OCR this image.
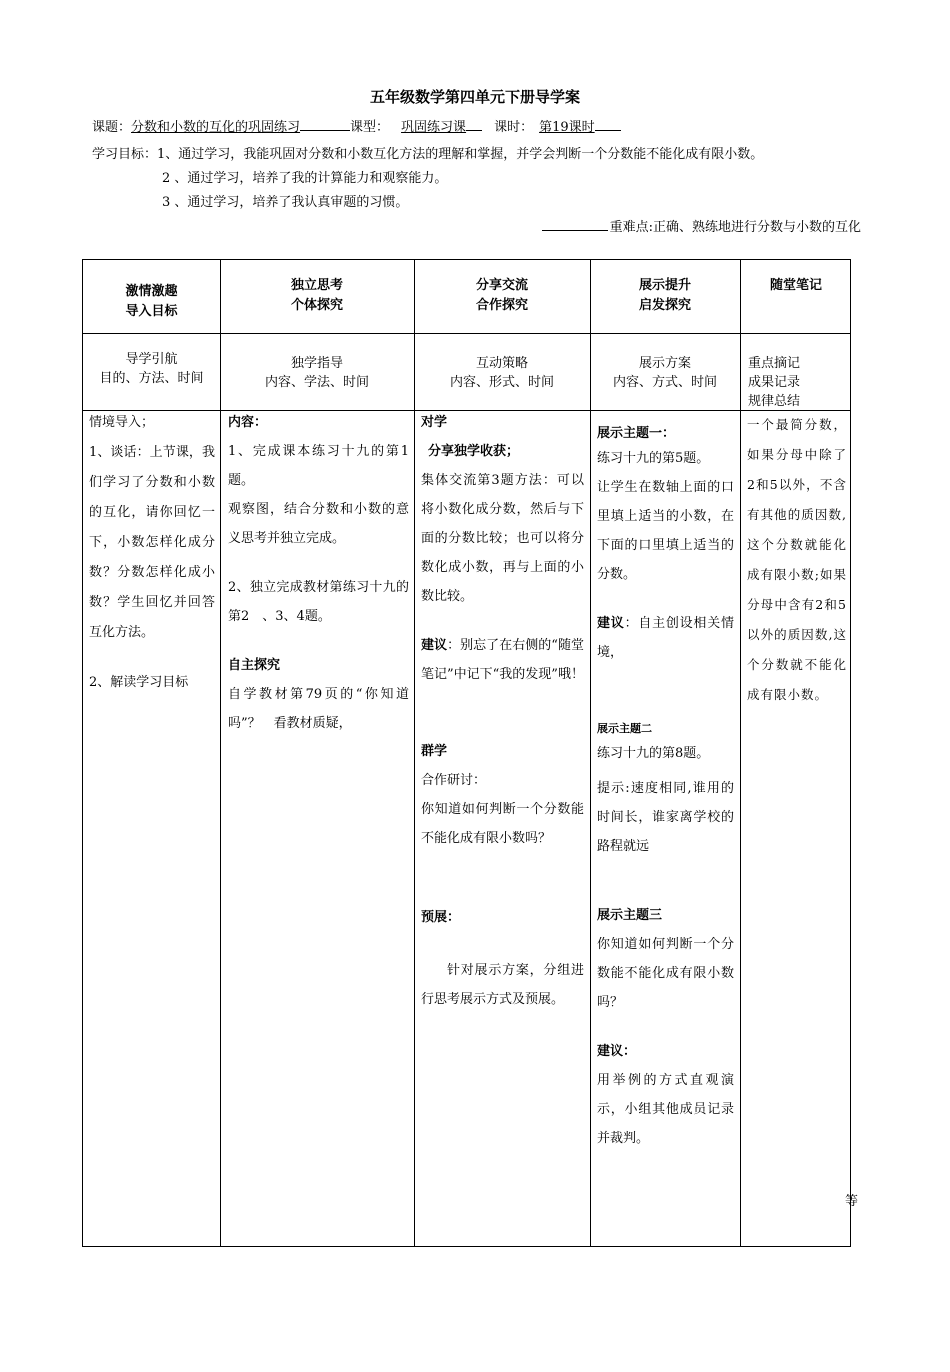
五年级数学第四单元下册导学案
课题：分数和小数的互化的巩固练习	课型： 巩固练习课 课时： 第19课时
学习目标：1、通过学习，我能巩固对分数和小数互化方法的理解和掌握，并学会判断一个分数能不能化成有限小数。
2 、通过学习，培养了我的计算能力和观察能力。
3 、通过学习，培养了我认真审题的习惯。
重难点:正确、熟练地进行分数与小数的互化
激情激趣
导入目标
独立思考
个体探究
分享交流
合作探究
展示提升
启发探究
随堂笔记
导学引航
目的、方法、时间
独学指导
内容、学法、时间
互动策略
内容、形式、时间
展示方案
内容、方式、时间
重点摘记
成果记录
规律总结

情境导入；

1、谈话：上节课，我们学习了分数和小数的互化，请你回忆一下，小数怎样化成分数？分数怎样化成小数？学生回忆并回答互化方法。

2、解读学习目标

内容：

1、完成课本练习十九的第1题。

观察图，结合分数和小数的意义思考并独立完成。

2、独立完成教材第练习十九的第2　、3、4题。

自主探究

自学教材第79页的“你知道吗”？　看教材质疑，

对学

分享独学收获；

集体交流第3题方法：可以将小数化成分数，然后与下面的分数比较；也可以将分数化成小数，再与上面的小数比较。

建议：别忘了在右侧的“随堂笔记”中记下“我的发现”哦！

群学

合作研讨：

你知道如何判断一个分数能不能化成有限小数吗？

预展：

针对展示方案，分组进行思考展示方式及预展。

展示主题一：

练习十九的第5题。

让学生在数轴上面的口里填上适当的小数，在下面的口里填上适当的分数。

建议：自主创设相关情境，

展示主题二

练习十九的第8题。

提示:速度相同,谁用的时间长，谁家离学校的路程就远

展示主题三

你知道如何判断一个分数能不能化成有限小数吗？

建议：

用举例的方式直观演示，小组其他成员记录并裁判。

一个最简分数，如果分母中除了2和5以外，不含有其他的质因数,这个分数就能化成有限小数;如果分母中含有2和5以外的质因数,这个分数就不能化成有限小数。

等
